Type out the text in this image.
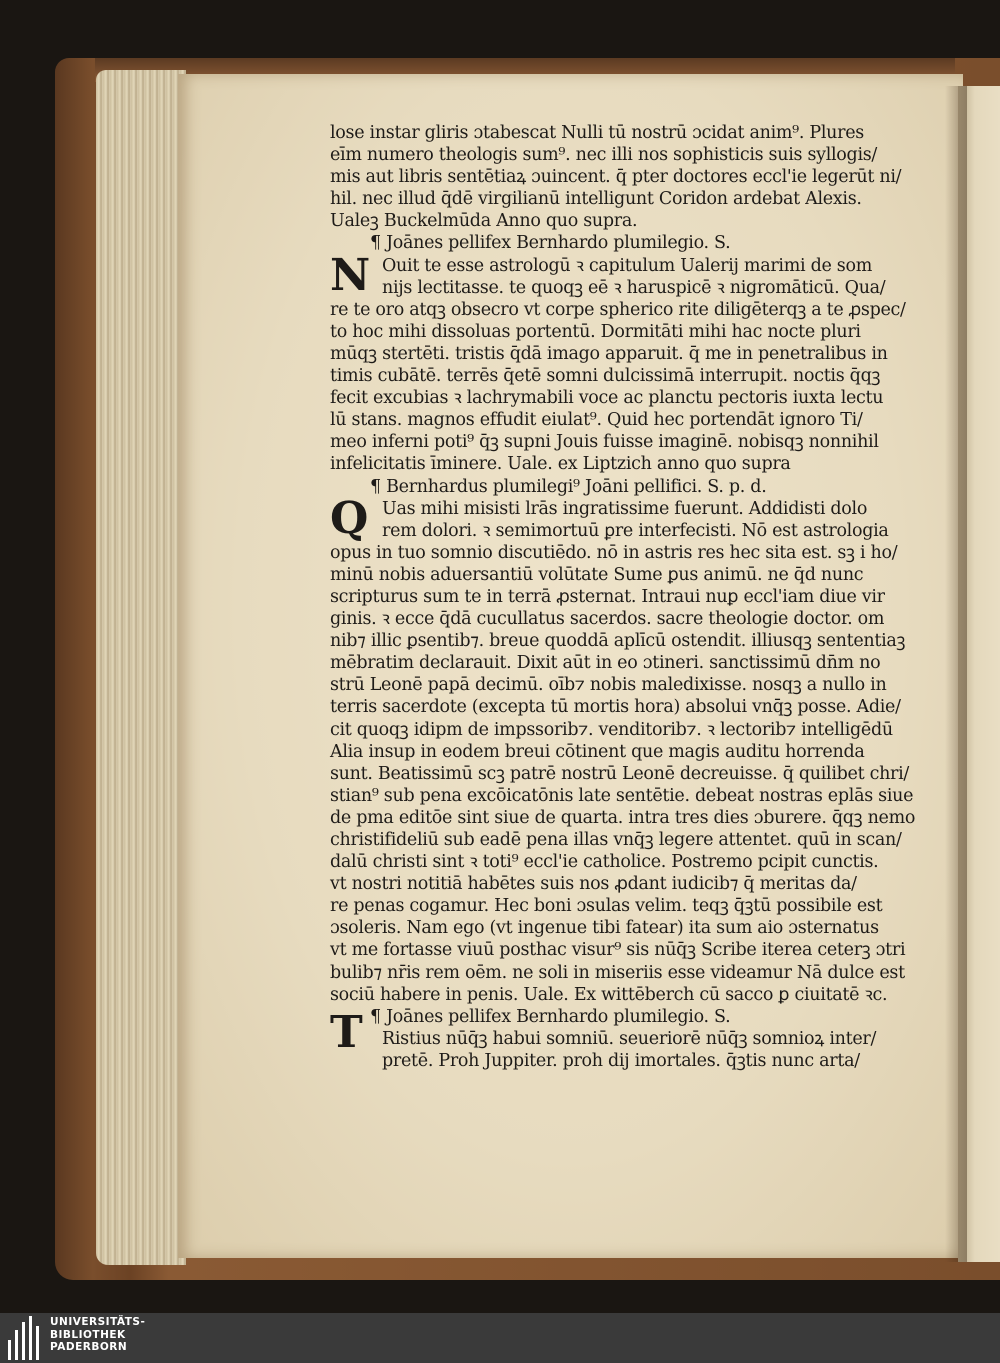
lose instar gliris ɔtabescat Nulli tū nostrū ɔcidat anim⁹. Plures
eīm numero theologis sum⁹. nec illi nos sophisticis suis syllogis/
mis aut libris sentētiaꝝ ɔuincent. q̄ pter doctores eccl'ie legerūt ni/
hil. nec illud q̄dē virgilianū intelligunt Coridon ardebat Alexis.
Ualeꝫ Buckelmūda Anno quo supra.
¶ Joānes pellifex Bernhardo plumilegio. S.
Ouit te esse astrologū ꝛ capitulum Ualerij marimi de som
nijs lectitasse. te quoqꝫ eē ꝛ haruspicē ꝛ nigromāticū. Qua/
re te oro atqꝫ obsecro vt corpe spherico rite diligēterqꝫ a te ꝓspec/
to hoc mihi dissoluas portentū. Dormitāti mihi hac nocte pluri
mūqꝫ stertēti. tristis q̄dā imago apparuit. q̄ me in penetralibus in
timis cubātē. terrēs q̄etē somni dulcissimā interrupit. noctis q̄qꝫ
fecit excubias ꝛ lachrymabili voce ac planctu pectoris iuxta lectu
lū stans. magnos effudit eiulat⁹. Quid hec portendāt ignoro Ti/
meo inferni poti⁹ q̄ꝫ supni Jouis fuisse imaginē. nobisqꝫ nonnihil
infelicitatis īminere. Uale. ex Liptzich anno quo supra
¶ Bernhardus plumilegi⁹ Joāni pellifici. S. p. d.
Uas mihi misisti lrās ingratissime fuerunt. Addidisti dolo
rem dolori. ꝛ semimortuū ꝑre interfecisti. Nō est astrologia
opus in tuo somnio discutiēdo. nō in astris res hec sita est. sꝫ i ho/
minū nobis aduersantiū volūtate Sume ꝑus animū. ne q̄d nunc
scripturus sum te in terrā ꝓsternat. Intraui nuꝑ eccl'iam diue vir
ginis. ꝛ ecce q̄dā cucullatus sacerdos. sacre theologie doctor. om
nib⁊ illic ꝑsentib⁊. breue quoddā aplīcū ostendit. illiusqꝫ sententiaꝫ
mēbratim declarauit. Dixit aūt in eo ɔtineri. sanctissimū dn̄m no
strū Leonē papā decimū. oīb⁊ nobis maledixisse. nosqꝫ a nullo in
terris sacerdote (excepta tū mortis hora) absolui vnq̄ꝫ posse. Adie/
cit quoqꝫ idipm de impssorib⁊. venditorib⁊. ꝛ lectorib⁊ intelligēdū
Alia insup in eodem breui cōtinent que magis auditu horrenda
sunt. Beatissimū scꝫ patrē nostrū Leonē decreuisse. q̄ quilibet chri/
stian⁹ sub pena excōicatōnis late sentētie. debeat nostras eplās siue
de pma editōe sint siue de quarta. intra tres dies ɔburere. q̄qꝫ nemo
christifideliū sub eadē pena illas vnq̄ꝫ legere attentet. quū in scan/
dalū christi sint ꝛ toti⁹ eccl'ie catholice. Postremo pcipit cunctis.
vt nostri notitiā habētes suis nos ꝓdant iudicib⁊ q̄ meritas da/
re penas cogamur. Hec boni ɔsulas velim. teqꝫ q̄ꝫtū possibile est
ɔsoleris. Nam ego (vt ingenue tibi fatear) ita sum aio ɔsternatus
vt me fortasse viuū posthac visur⁹ sis nūq̄ꝫ Scribe iterea ceterꝫ ɔtri
bulib⁊ nr̄is rem oēm. ne soli in miseriis esse videamur Nā dulce est
sociū habere in penis. Uale. Ex wittēberch cū sacco ꝑ ciuitatē ꝛc.
¶ Joānes pellifex Bernhardo plumilegio. S.
Ristius nūq̄ꝫ habui somniū. seueriorē nūq̄ꝫ somnioꝝ inter/
pretē. Proh Juppiter. proh dij imortales. q̄ꝫtis nunc arta/
N
Q
T
UNIVERSITÄTS-
BIBLIOTHEK
PADERBORN
